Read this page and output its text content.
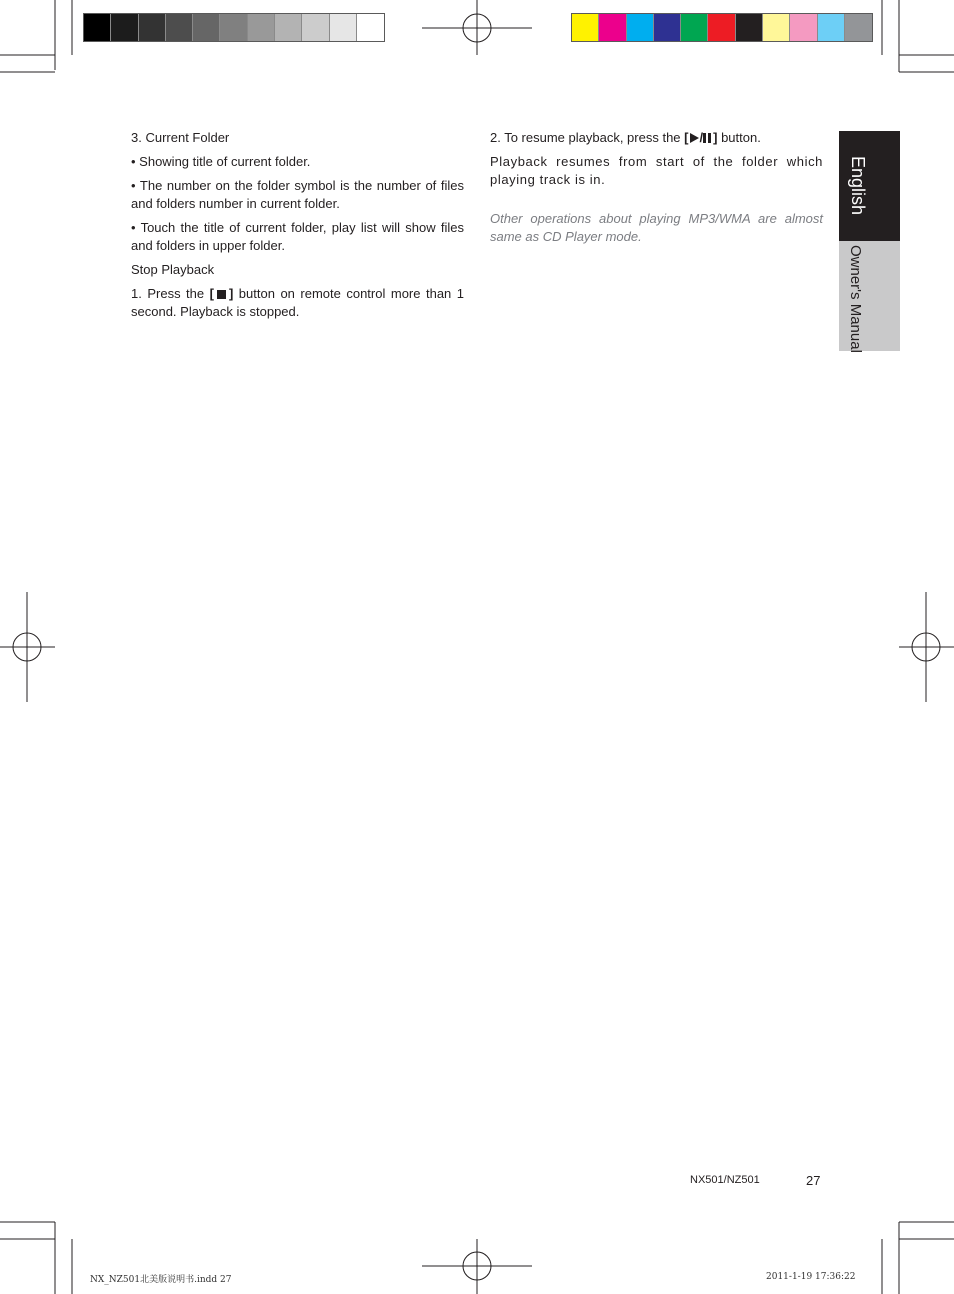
3. Current Folder

• Showing title of current folder.

• The number on the folder symbol is the number of files and folders number in current folder.

• Touch the title of current folder, play list will show files and folders in upper folder.

Stop Playback

1. Press the [ ] button on remote control more than 1 second. Playback is stopped.

2. To resume playback, press the [ / ] button.

Playback resumes from start of the folder which playing track is in.

Other operations about playing MP3/WMA are almost same as CD Player mode.

English
Owner's Manual
NX501/NZ501	27
NX_NZ501北美版说明书.indd 27	2011-1-19 17:36:22
